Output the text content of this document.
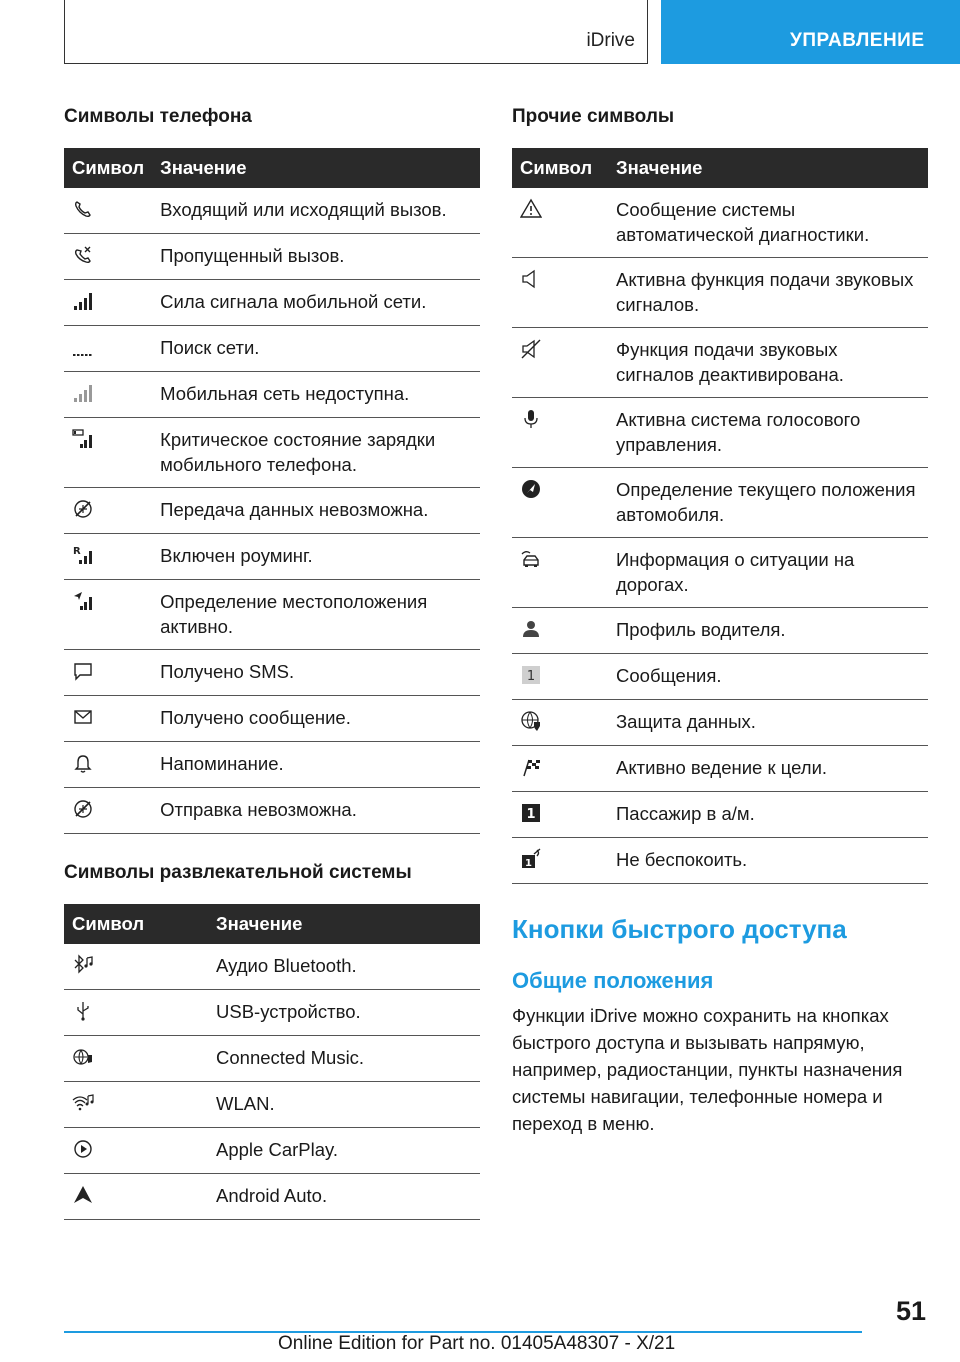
iDrive	УПРАВЛЕНИЕ
Символы телефона
Символ	Значение

	Входящий или исходящий вызов.

	Пропущенный вызов.

	Сила сигнала мобильной сети.

	Поиск сети.

	Мобильная сеть недоступна.

	Критическое состояние зарядки мобильного телефона.

	Передача данных невозможна.

R	Включен роуминг.

	Определение местоположения активно.

	Получено SMS.

	Получено сообщение.

	Напоминание.

	Отправка невозможна.
Символы развлекательной системы
Символ	Значение

	Аудио Bluetooth.

	USB-устройство.

	Connected Music.

	WLAN.

	Apple CarPlay.

	Android Auto.
Прочие символы
Символ	Значение

	Сообщение системы автоматической диагностики.

	Активна функция подачи звуковых сигналов.

	Функция подачи звуковых сигналов деактивирована.

	Активна система голосового управления.

	Определение текущего положения автомобиля.

	Информация о ситуации на дорогах.

	Профиль водителя.

1	Сообщения.

	Защита данных.

	Активно ведение к цели.

1	Пассажир в а/м.

1	Не беспокоить.
Кнопки быстрого доступа
Общие положения
Функции iDrive можно сохранить на кнопках быстрого доступа и вызывать напрямую, например, радиостанции, пункты назначения системы навигации, телефонные номера и переход в меню.
51
Online Edition for Part no. 01405A48307 - X/21
